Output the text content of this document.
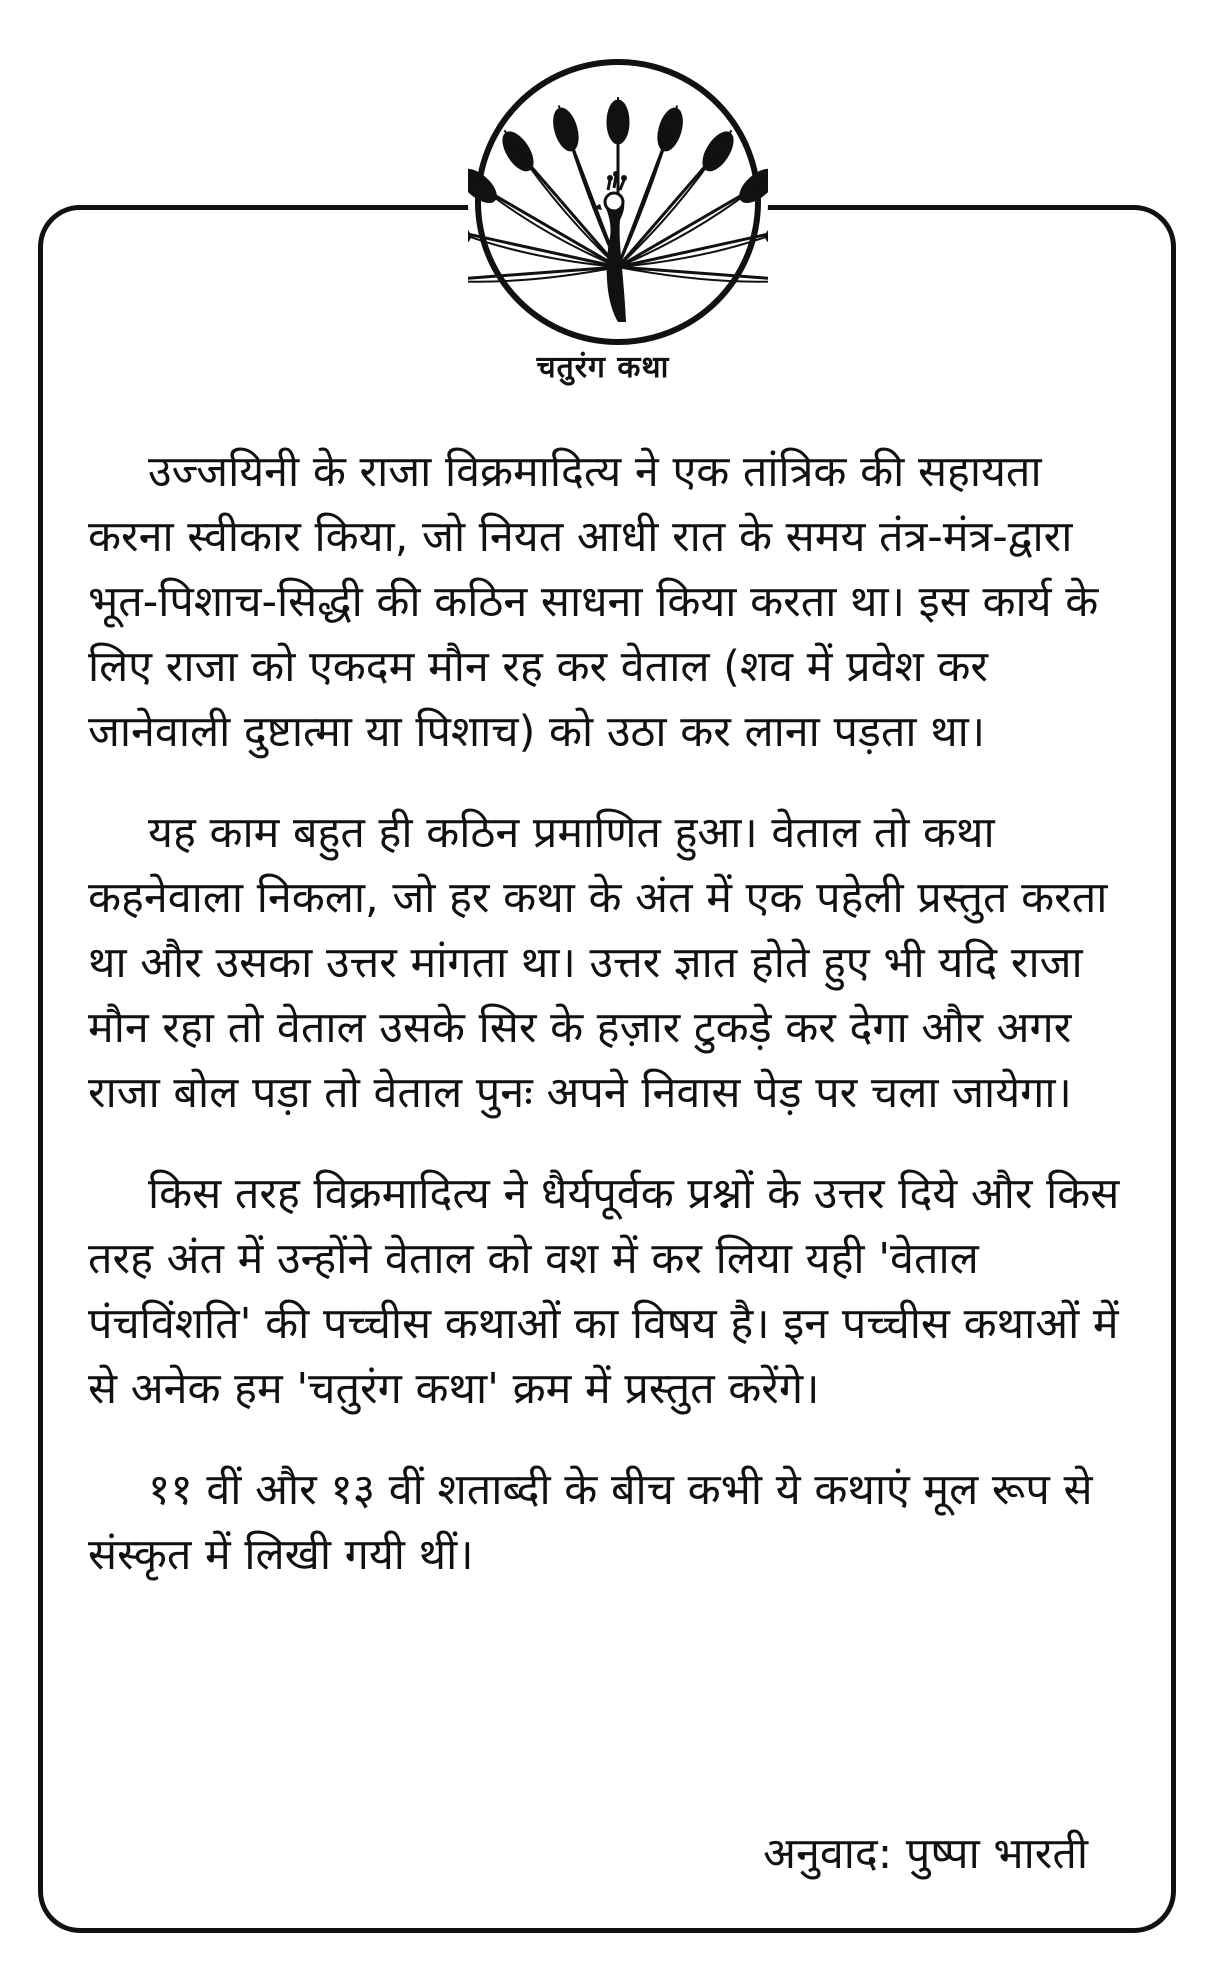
चतुरंग कथा

उज्जयिनी के राजा विक्रमादित्य ने एक तांत्रिक की सहायता करना स्वीकार किया, जो नियत आधी रात के समय तंत्र-मंत्र-द्वारा भूत-पिशाच-सिद्धी की कठिन साधना किया करता था। इस कार्य के लिए राजा को एकदम मौन रह कर वेताल (शव में प्रवेश कर जानेवाली दुष्टात्मा या पिशाच) को उठा कर लाना पड़ता था।

यह काम बहुत ही कठिन प्रमाणित हुआ। वेताल तो कथा कहनेवाला निकला, जो हर कथा के अंत में एक पहेली प्रस्तुत करता था और उसका उत्तर मांगता था। उत्तर ज्ञात होते हुए भी यदि राजा मौन रहा तो वेताल उसके सिर के हज़ार टुकड़े कर देगा और अगर राजा बोल पड़ा तो वेताल पुनः अपने निवास पेड़ पर चला जायेगा।

किस तरह विक्रमादित्य ने धैर्यपूर्वक प्रश्नों के उत्तर दिये और किस तरह अंत में उन्होंने वेताल को वश में कर लिया यही 'वेताल पंचविंशति' की पच्चीस कथाओं का विषय है। इन पच्चीस कथाओं में से अनेक हम 'चतुरंग कथा' क्रम में प्रस्तुत करेंगे।

११ वीं और १३ वीं शताब्दी के बीच कभी ये कथाएं मूल रूप से संस्कृत में लिखी गयी थीं।

अनुवाद: पुष्पा भारती
